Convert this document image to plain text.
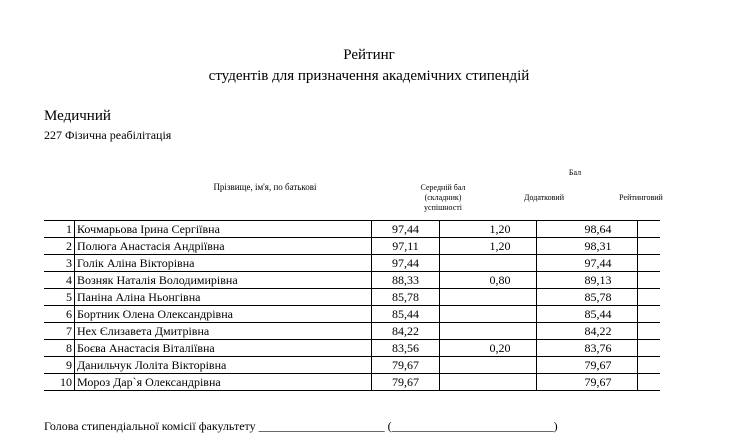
Рейтинг
студентів для призначення академічних стипендій
Медичний
227 Фізична реабілітація
Прізвище, ім'я, по батькові
Бал
Середній бал (складник) успішності
Додатковий	Рейтинговий
1	Кочмарьова Ірина Сергіївна	97,44		1,20		98,64	
2	Полюга Анастасія Андріївна	97,11		1,20		98,31	
3	Голік Аліна Вікторівна	97,44				97,44	
4	Возняк Наталія Володимирівна	88,33		0,80		89,13	
5	Паніна Аліна Ньонгівна	85,78				85,78	
6	Бортник Олена Олександрівна	85,44				85,44	
7	Нех Єлизавета Дмитрівна	84,22				84,22	
8	Боєва Анастасія Віталіївна	83,56		0,20		83,76	
9	Данильчук Лоліта Вікторівна	79,67				79,67	
10	Мороз Дар`я Олександрівна	79,67				79,67	
Голова стипендіальної комісії факультету _____________________ (___________________________)
